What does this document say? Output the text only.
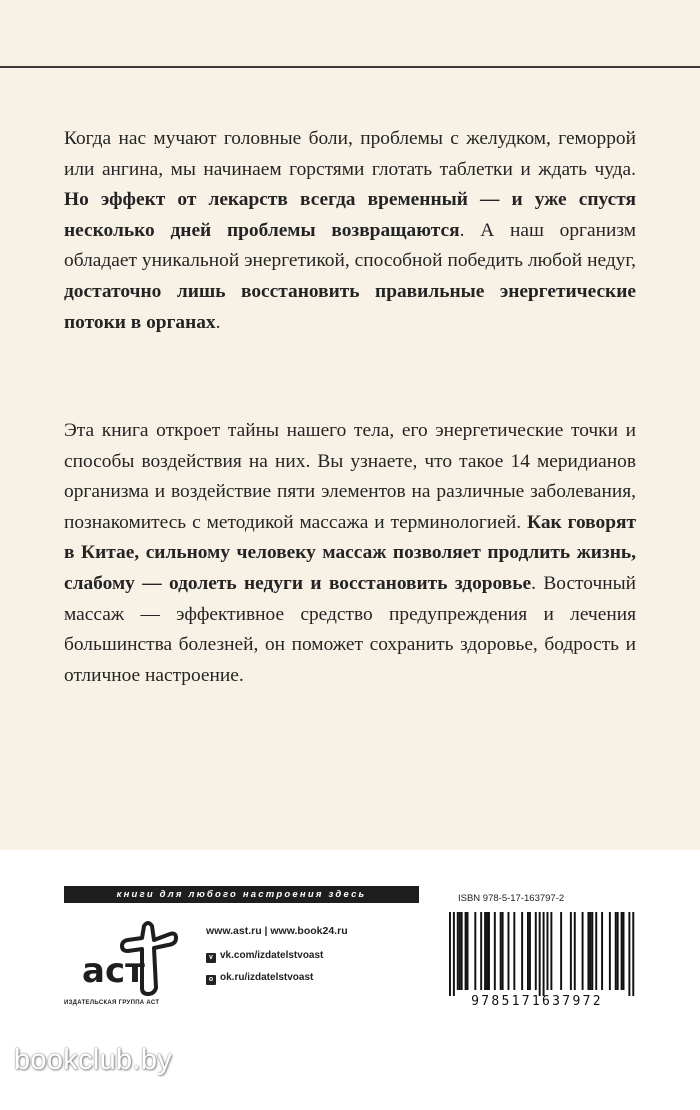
Когда нас мучают головные боли, проблемы с желудком, геморрой или ангина, мы начинаем горстями глотать таблетки и ждать чуда. Но эффект от лекарств всегда временный — и уже спустя несколько дней проблемы возвращаются. А наш организм обладает уникальной энергетикой, способной победить любой недуг, достаточно лишь восстановить правильные энергетические потоки в органах.
Эта книга откроет тайны нашего тела, его энергетические точки и способы воздействия на них. Вы узнаете, что такое 14 меридианов организма и воздействие пяти элементов на различные заболевания, познакомитесь с методикой массажа и терминологией. Как говорят в Китае, сильному человеку массаж позволяет продлить жизнь, слабому — одолеть недуги и восстановить здоровье. Восточный массаж — эффективное средство предупреждения и лечения большинства болезней, он поможет сохранить здоровье, бодрость и отличное настроение.
книги для любого настроения здесь
аст
ИЗДАТЕЛЬСКАЯ ГРУППА АСТ
www.ast.ru | www.book24.ru
v vk.com/izdatelstvoast
o ok.ru/izdatelstvoast
ISBN 978-5-17-163797-2
9785171637972
bookclub.by
